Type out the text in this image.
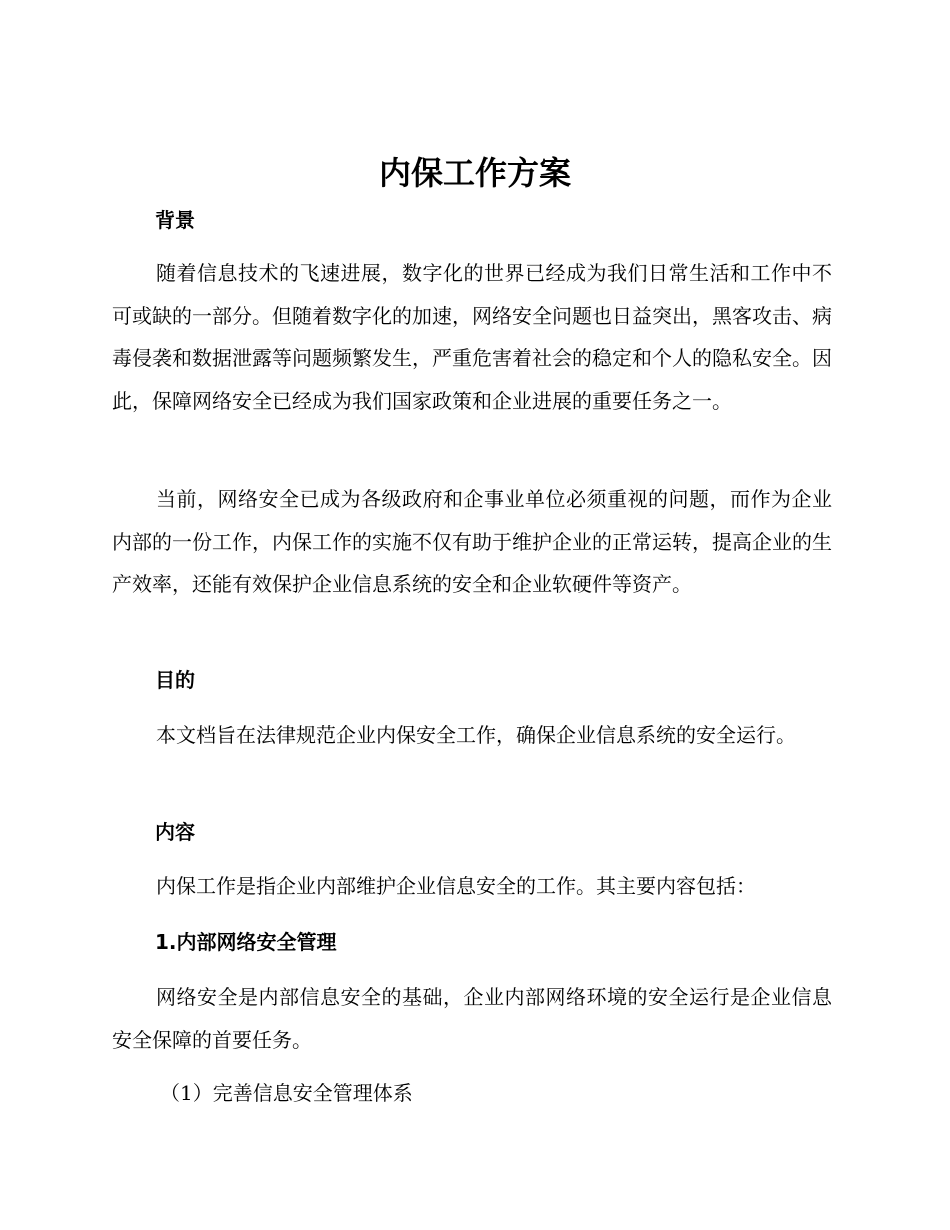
内保工作方案
背景

随着信息技术的飞速进展，数字化的世界已经成为我们日常生活和工作中不可或缺的一部分。但随着数字化的加速，网络安全问题也日益突出，黑客攻击、病毒侵袭和数据泄露等问题频繁发生，严重危害着社会的稳定和个人的隐私安全。因此，保障网络安全已经成为我们国家政策和企业进展的重要任务之一。

当前，网络安全已成为各级政府和企事业单位必须重视的问题，而作为企业内部的一份工作，内保工作的实施不仅有助于维护企业的正常运转，提高企业的生产效率，还能有效保护企业信息系统的安全和企业软硬件等资产。

目的

本文档旨在法律规范企业内保安全工作，确保企业信息系统的安全运行。

内容

内保工作是指企业内部维护企业信息安全的工作。其主要内容包括：

1.内部网络安全管理

网络安全是内部信息安全的基础，企业内部网络环境的安全运行是企业信息安全保障的首要任务。

（1）完善信息安全管理体系
